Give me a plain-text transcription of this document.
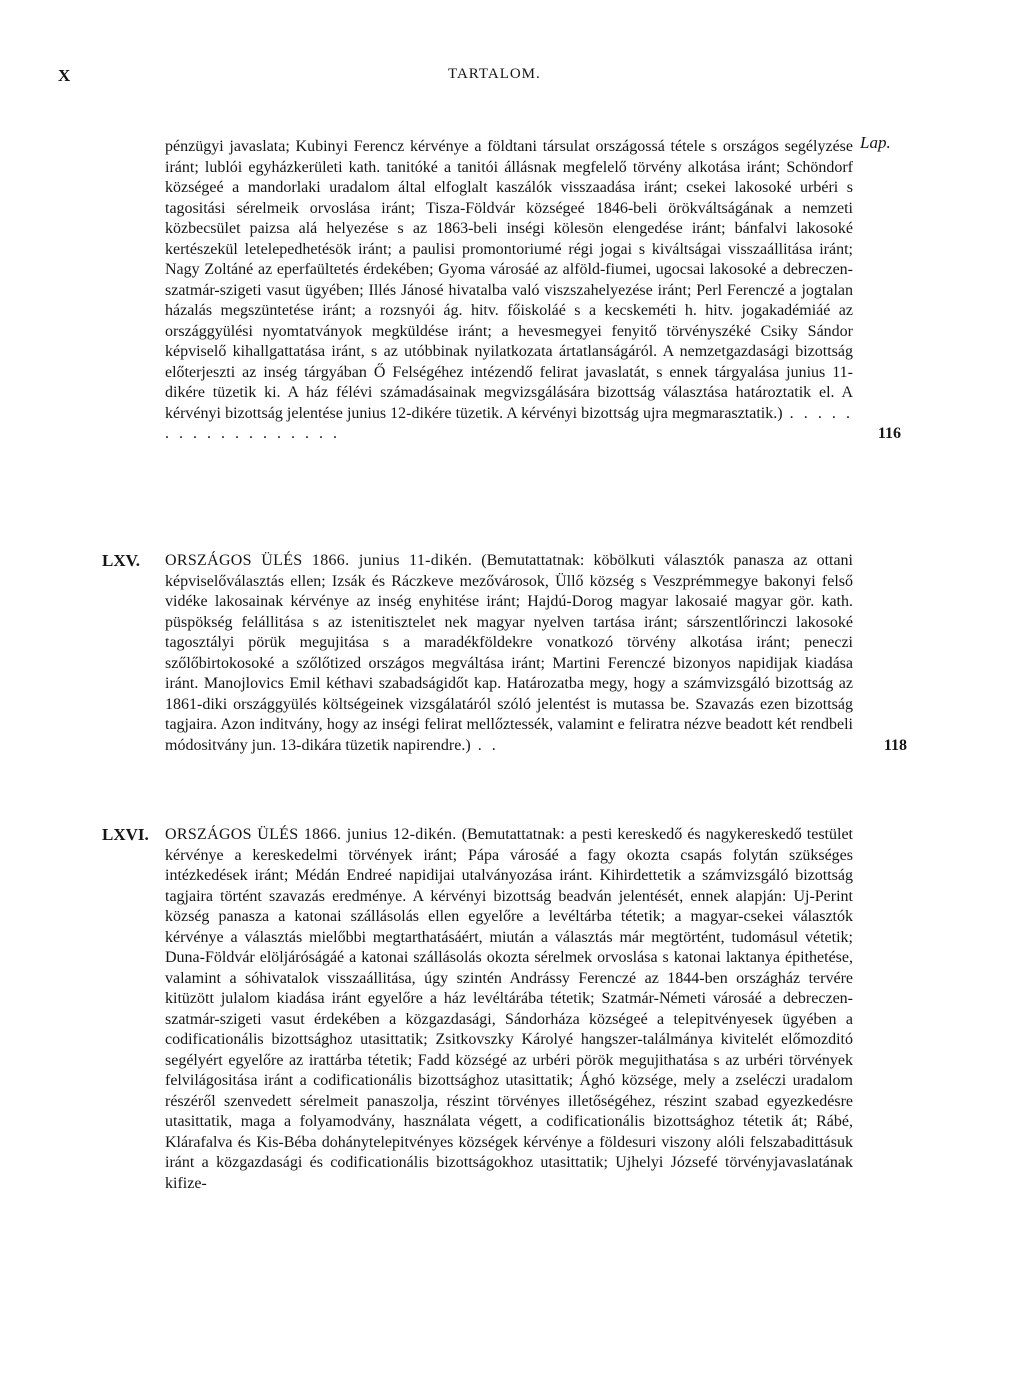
X	TARTALOM.
Lap.
pénzügyi javaslata; Kubinyi Ferencz kérvénye a földtani társulat országossá tétele s országos segélyzése iránt; lublói egyházkerületi kath. tanitóké a tanitói állásnak megfelelő törvény alkotása iránt; Schöndorf községeé a mandorlaki uradalom által elfoglalt kaszálók visszaadása iránt; csekei lakosoké urbéri s tagositási sérelmeik orvoslása iránt; Tisza-Földvár községeé 1846-beli örökváltságának a nemzeti közbecsület paizsa alá helyezése s az 1863-beli inségi kölesön elengedése iránt; bánfalvi lakosoké kertészekül letelepedhetésök iránt; a paulisi promontoriumé régi jogai s kiváltságai visszaállitása iránt; Nagy Zoltáné az eperfaültetés érdekében; Gyoma városáé az alföld-fiumei, ugocsai lakosoké a debreczen-szatmár-szigeti vasut ügyében; Illés Jánosé hivatalba való viszszahelyezése iránt; Perl Ferenczé a jogtalan házalás megszüntetése iránt; a rozsnyói ág. hitv. főiskoláé s a kecskeméti h. hitv. jogakadémiáé az országgyülési nyomtatványok megküldése iránt; a hevesmegyei fenyitő törvényszéké Csiky Sándor képviselő kihallgattatása iránt, s az utóbbinak nyilatkozata ártatlanságáról. A nemzetgazdasági bizottság előterjeszti az inség tárgyában Ő Felségéhez intézendő felirat javaslatát, s ennek tárgyalása junius 11-dikére tüzetik ki. A ház félévi számadásainak megvizsgálására bizottság választása határoztatik el. A kérvényi bizottság jelentése junius 12-dikére tüzetik. A kérvényi bizottság ujra megmarasztatik.) . . . . . . . . . . . . . . . . . .	116
LXV. ORSZÁGOS ÜLÉS 1866. junius 11-dikén. (Bemutattatnak: köbölkuti választók panasza az ottani képviselőválasztás ellen; Izsák és Ráczkeve mezővárosok, Üllő község s Veszprémmegye bakonyi felső vidéke lakosainak kérvénye az inség enyhitése iránt; Hajdú-Dorog magyar lakosaié magyar gör. kath. püspökség felállitása s az istenitisztelet nek magyar nyelven tartása iránt; sárszentlőrinczi lakosoké tagosztályi pörük megujitása s a maradékföldekre vonatkozó törvény alkotása iránt; peneczi szőlőbirtokosoké a szőlőtized országos megváltása iránt; Martini Ferenczé bizonyos napidijak kiadása iránt. Manojlovics Emil kéthavi szabadságidőt kap. Határozatba megy, hogy a számvizsgáló bizottság az 1861-diki országgyülés költségeinek vizsgálatáról szóló jelentést is mutassa be. Szavazás ezen bizottság tagjaira. Azon inditvány, hogy az inségi felirat mellőztessék, valamint e feliratra nézve beadott két rendbeli módositvány jun. 13-dikára tüzetik napirendre.) . .	118
LXVI. ORSZÁGOS ÜLÉS 1866. junius 12-dikén. (Bemutattatnak: a pesti kereskedő és nagykereskedő testület kérvénye a kereskedelmi törvények iránt; Pápa városáé a fagy okozta csapás folytán szükséges intézkedések iránt; Médán Endreé napidijai utalványozása iránt. Kihirdettetik a számvizsgáló bizottság tagjaira történt szavazás eredménye. A kérvényi bizottság beadván jelentését, ennek alapján: Uj-Perint község panasza a katonai szállásolás ellen egyelőre a levéltárba tétetik; a magyar-csekei választók kérvénye a választás mielőbbi megtarthatásáért, miután a választás már megtörtént, tudomásul vétetik; Duna-Földvár elöljáróságáé a katonai szállásolás okozta sérelmek orvoslása s katonai laktanya épithetése, valamint a sóhivatalok visszaállitása, úgy szintén Andrássy Ferenczé az 1844-ben országház tervére kitüzött julalom kiadása iránt egyelőre a ház levéltárába tétetik; Szatmár-Németi városáé a debreczen-szatmár-szigeti vasut érdekében a közgazdasági, Sándorháza községeé a telepitvényesek ügyében a codificationális bizottsághoz utasittatik; Zsitkovszky Károlyé hangszer-találmánya kivitelét előmozditó segélyért egyelőre az irattárba tétetik; Fadd községé az urbéri pörök megujithatása s az urbéri törvények felvilágositása iránt a codificationális bizottsághoz utasittatik; Ághó községe, mely a zseléczi uradalom részéről szenvedett sérelmeit panaszolja, részint törvényes illetőségéhez, részint szabad egyezkedésre utasittatik, maga a folyamodvány, használata végett, a codificationális bizottsághoz tétetik át; Rábé, Klárafalva és Kis-Béba dohánytelepitvényes községek kérvénye a földesuri viszony alóli felszabadittásuk iránt a közgazdasági és codificationális bizottságokhoz utasittatik; Ujhelyi Józsefé törvényjavaslatának kifize-
